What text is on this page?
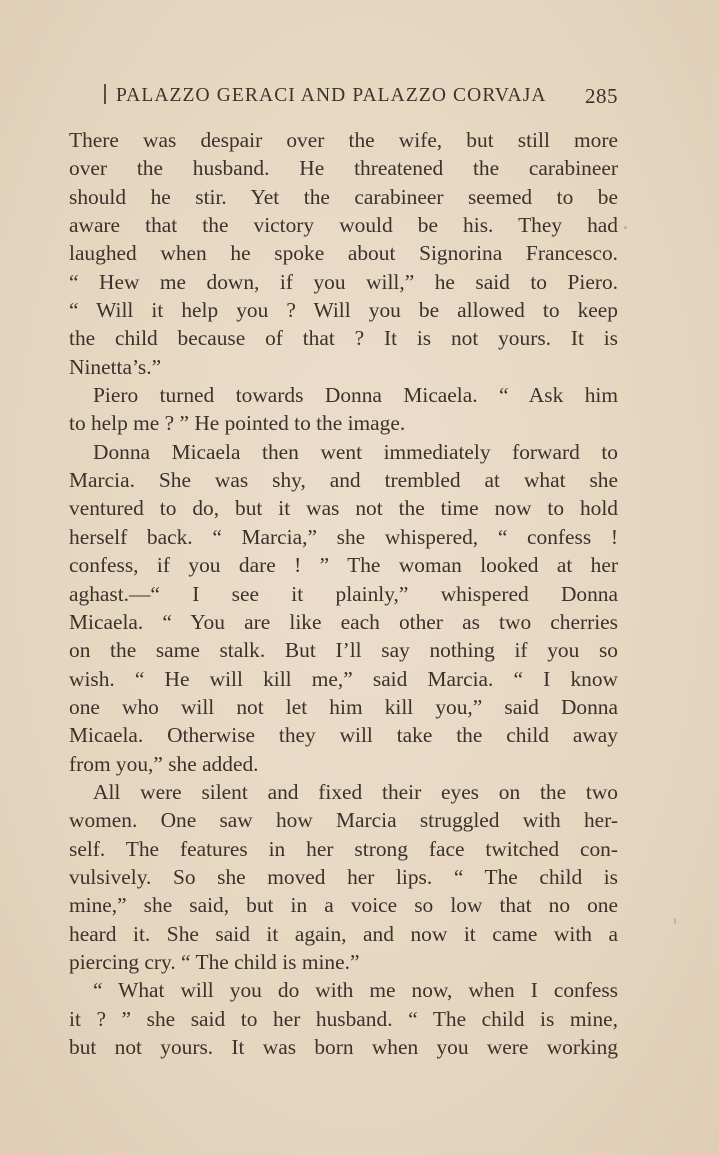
PALAZZO GERACI AND PALAZZO CORVAJA 285
There was despair over the wife, but still more
over the husband. He threatened the carabineer
should he stir. Yet the carabineer seemed to be
aware that the victory would be his. They had
laughed when he spoke about Signorina Francesco.
“ Hew me down, if you will,” he said to Piero.
“ Will it help you ? Will you be allowed to keep
the child because of that ? It is not yours. It is
Ninetta’s.”
Piero turned towards Donna Micaela. “ Ask him
to help me ? ” He pointed to the image.
Donna Micaela then went immediately forward to
Marcia. She was shy, and trembled at what she
ventured to do, but it was not the time now to hold
herself back. “ Marcia,” she whispered, “ confess !
confess, if you dare ! ” The woman looked at her
aghast.—“ I see it plainly,” whispered Donna
Micaela. “ You are like each other as two cherries
on the same stalk. But I’ll say nothing if you so
wish. “ He will kill me,” said Marcia. “ I know
one who will not let him kill you,” said Donna
Micaela. Otherwise they will take the child away
from you,” she added.
All were silent and fixed their eyes on the two
women. One saw how Marcia struggled with her-
self. The features in her strong face twitched con-
vulsively. So she moved her lips. “ The child is
mine,” she said, but in a voice so low that no one
heard it. She said it again, and now it came with a
piercing cry. “ The child is mine.”
“ What will you do with me now, when I confess
it ? ” she said to her husband. “ The child is mine,
but not yours. It was born when you were working
